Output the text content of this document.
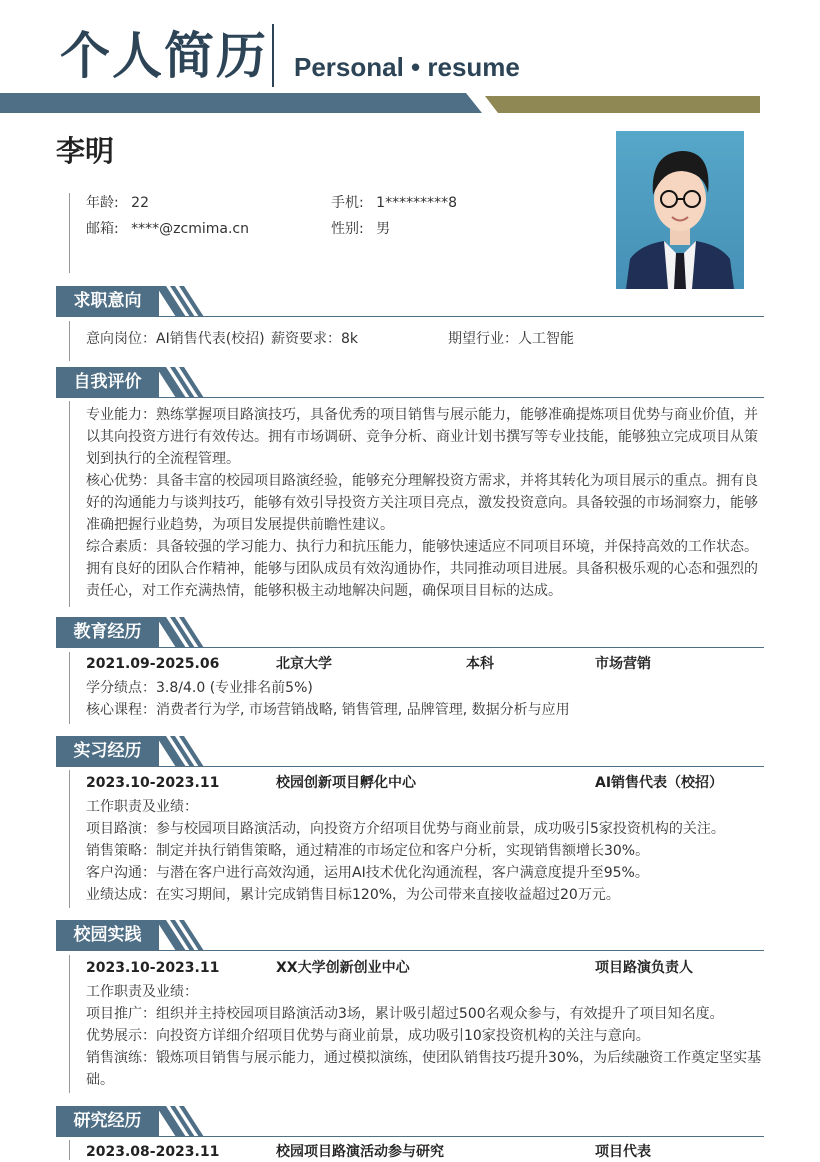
个人简历 Personal • resume
李明
年龄: 22	手机: 1*********8
邮箱: ****@zcmima.cn	性别: 男
求职意向
意向岗位：AI销售代表(校招) 薪资要求：8k	期望行业：人工智能
自我评价

专业能力：熟练掌握项目路演技巧，具备优秀的项目销售与展示能力，能够准确提炼项目优势与商业价值，并以其向投资方进行有效传达。拥有市场调研、竞争分析、商业计划书撰写等专业技能，能够独立完成项目从策划到执行的全流程管理。

核心优势：具备丰富的校园项目路演经验，能够充分理解投资方需求，并将其转化为项目展示的重点。拥有良好的沟通能力与谈判技巧，能够有效引导投资方关注项目亮点，激发投资意向。具备较强的市场洞察力，能够准确把握行业趋势，为项目发展提供前瞻性建议。

综合素质：具备较强的学习能力、执行力和抗压能力，能够快速适应不同项目环境，并保持高效的工作状态。拥有良好的团队合作精神，能够与团队成员有效沟通协作，共同推动项目进展。具备积极乐观的心态和强烈的责任心，对工作充满热情，能够积极主动地解决问题，确保项目目标的达成。

教育经历
2021.09-2025.06	北京大学	本科	市场营销
学分绩点：3.8/4.0 (专业排名前5%)
核心课程：消费者行为学, 市场营销战略, 销售管理, 品牌管理, 数据分析与应用
实习经历
2023.10-2023.11	校园创新项目孵化中心	AI销售代表（校招）
工作职责及业绩：
项目路演：参与校园项目路演活动，向投资方介绍项目优势与商业前景，成功吸引5家投资机构的关注。
销售策略：制定并执行销售策略，通过精准的市场定位和客户分析，实现销售额增长30%。
客户沟通：与潜在客户进行高效沟通，运用AI技术优化沟通流程，客户满意度提升至95%。
业绩达成：在实习期间，累计完成销售目标120%，为公司带来直接收益超过20万元。
校园实践
2023.10-2023.11	XX大学创新创业中心	项目路演负责人
工作职责及业绩：
项目推广：组织并主持校园项目路演活动3场，累计吸引超过500名观众参与，有效提升了项目知名度。
优势展示：向投资方详细介绍项目优势与商业前景，成功吸引10家投资机构的关注与意向。
销售演练：锻炼项目销售与展示能力，通过模拟演练，使团队销售技巧提升30%，为后续融资工作奠定坚实基础。
研究经历
2023.08-2023.11	校园项目路演活动参与研究	项目代表
